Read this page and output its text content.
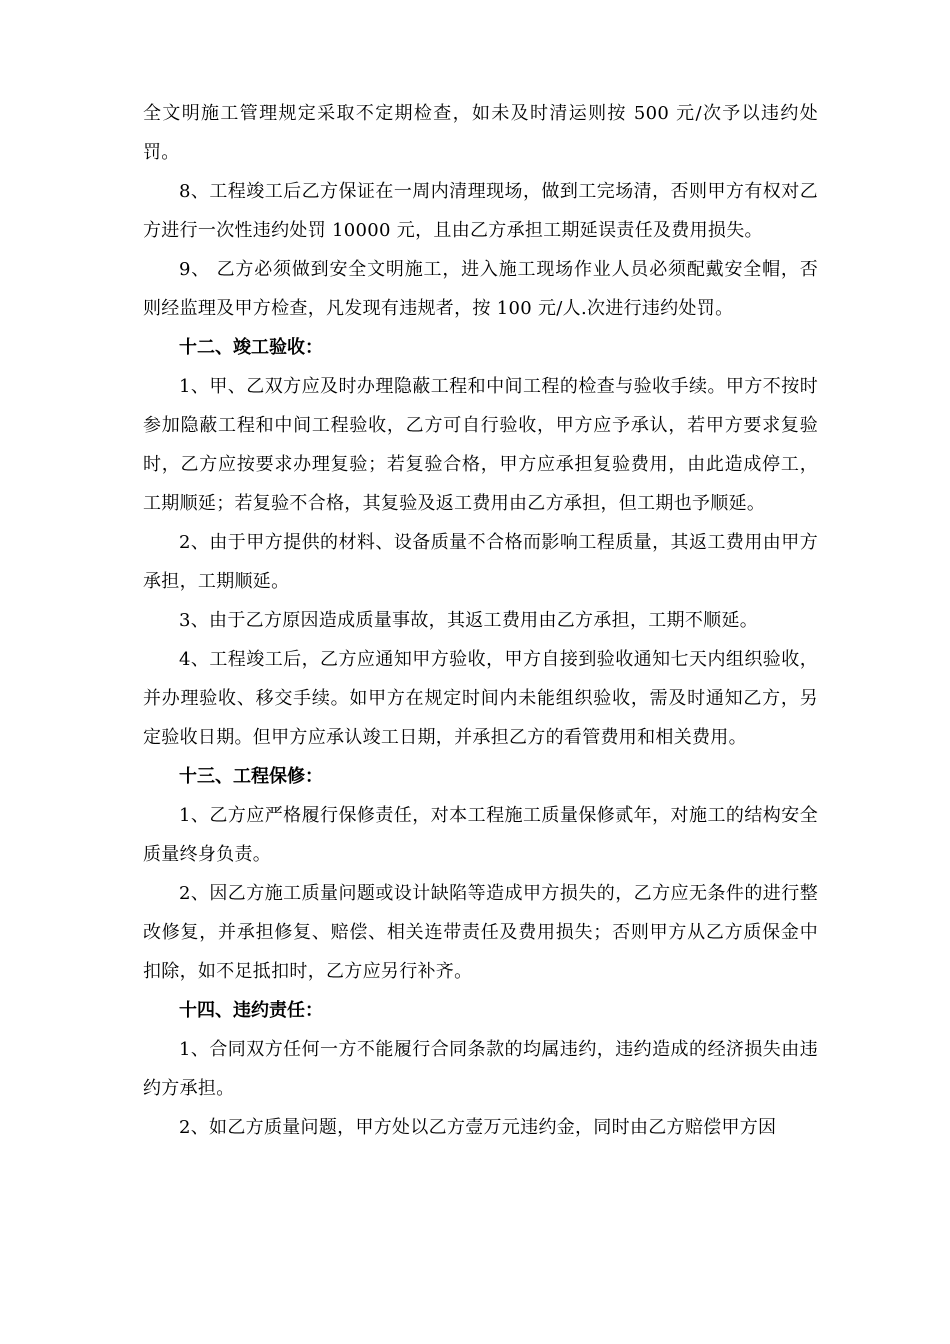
全文明施工管理规定采取不定期检查，如未及时清运则按 500 元/次予以违约处罚。

8、工程竣工后乙方保证在一周内清理现场，做到工完场清，否则甲方有权对乙方进行一次性违约处罚 10000 元，且由乙方承担工期延误责任及费用损失。

9、 乙方必须做到安全文明施工，进入施工现场作业人员必须配戴安全帽，否则经监理及甲方检查，凡发现有违规者，按 100 元/人.次进行违约处罚。

十二、竣工验收：

1、甲、乙双方应及时办理隐蔽工程和中间工程的检查与验收手续。甲方不按时参加隐蔽工程和中间工程验收，乙方可自行验收，甲方应予承认，若甲方要求复验时，乙方应按要求办理复验；若复验合格，甲方应承担复验费用，由此造成停工，工期顺延；若复验不合格，其复验及返工费用由乙方承担，但工期也予顺延。

2、由于甲方提供的材料、设备质量不合格而影响工程质量，其返工费用由甲方承担，工期顺延。

3、由于乙方原因造成质量事故，其返工费用由乙方承担，工期不顺延。

4、工程竣工后，乙方应通知甲方验收，甲方自接到验收通知七天内组织验收，并办理验收、移交手续。如甲方在规定时间内未能组织验收，需及时通知乙方，另定验收日期。但甲方应承认竣工日期，并承担乙方的看管费用和相关费用。

十三、工程保修：

1、乙方应严格履行保修责任，对本工程施工质量保修贰年，对施工的结构安全质量终身负责。

2、因乙方施工质量问题或设计缺陷等造成甲方损失的，乙方应无条件的进行整改修复，并承担修复、赔偿、相关连带责任及费用损失；否则甲方从乙方质保金中扣除，如不足抵扣时，乙方应另行补齐。

十四、违约责任：

1、合同双方任何一方不能履行合同条款的均属违约，违约造成的经济损失由违约方承担。

2、如乙方质量问题，甲方处以乙方壹万元违约金，同时由乙方赔偿甲方因
